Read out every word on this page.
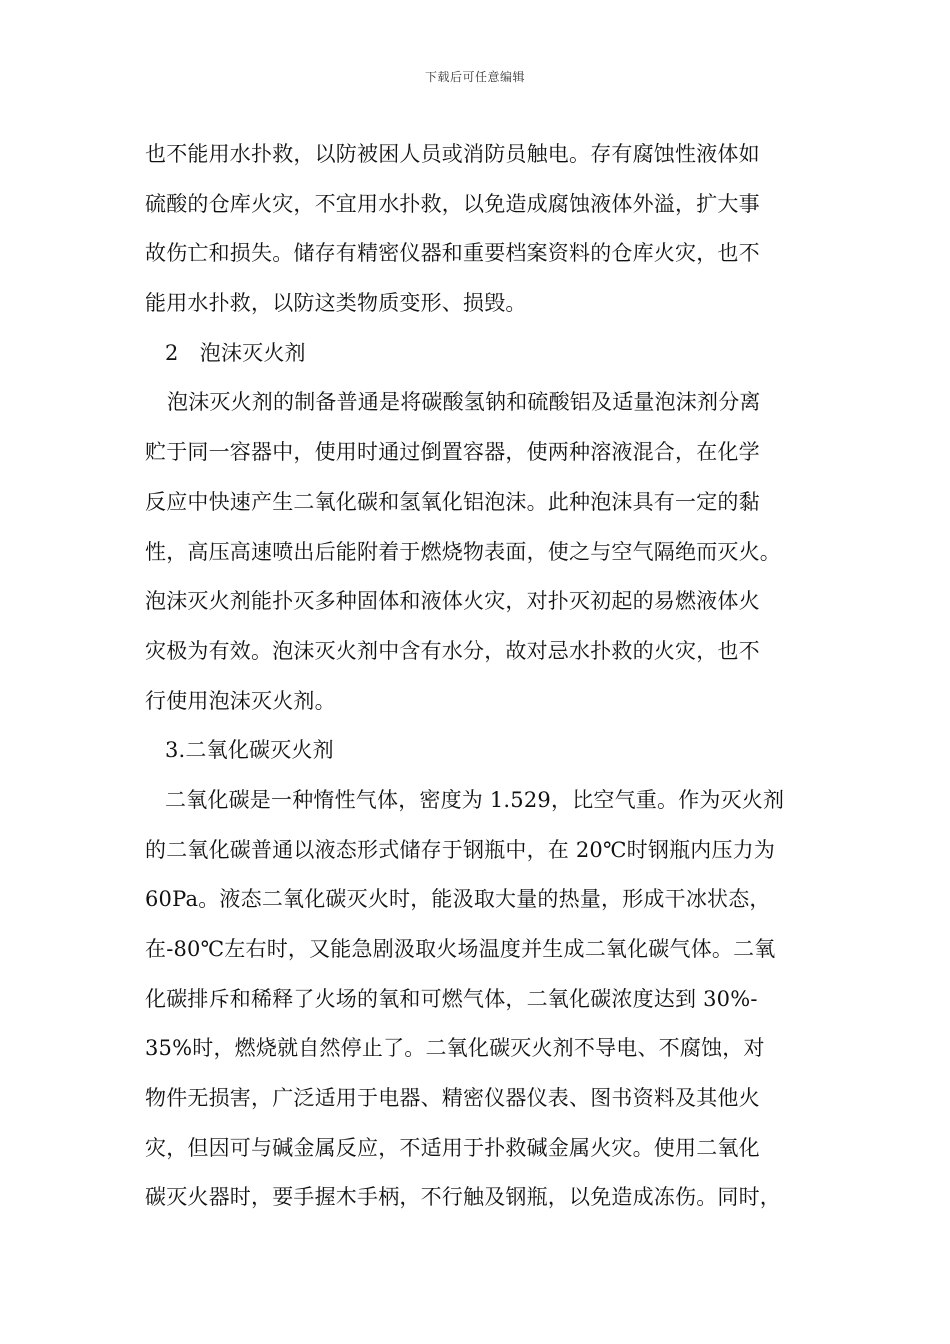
下载后可任意编辑
也不能用水扑救，以防被困人员或消防员触电。存有腐蚀性液体如
硫酸的仓库火灾，不宜用水扑救，以免造成腐蚀液体外溢，扩大事
故伤亡和损失。储存有精密仪器和重要档案资料的仓库火灾，也不
能用水扑救，以防这类物质变形、损毁。
2　泡沫灭火剂
泡沫灭火剂的制备普通是将碳酸氢钠和硫酸铝及适量泡沫剂分离
贮于同一容器中，使用时通过倒置容器，使两种溶液混合，在化学
反应中快速产生二氧化碳和氢氧化铝泡沫。此种泡沫具有一定的黏
性，高压高速喷出后能附着于燃烧物表面，使之与空气隔绝而灭火。
泡沫灭火剂能扑灭多种固体和液体火灾，对扑灭初起的易燃液体火
灾极为有效。泡沫灭火剂中含有水分，故对忌水扑救的火灾，也不
行使用泡沫灭火剂。
3.二氧化碳灭火剂
二氧化碳是一种惰性气体，密度为 1.529，比空气重。作为灭火剂
的二氧化碳普通以液态形式储存于钢瓶中，在 20℃时钢瓶内压力为
60Pa。液态二氧化碳灭火时，能汲取大量的热量，形成干冰状态，
在-80℃左右时，又能急剧汲取火场温度并生成二氧化碳气体。二氧
化碳排斥和稀释了火场的氧和可燃气体，二氧化碳浓度达到 30%-
35%时，燃烧就自然停止了。二氧化碳灭火剂不导电、不腐蚀，对
物件无损害，广泛适用于电器、精密仪器仪表、图书资料及其他火
灾，但因可与碱金属反应，不适用于扑救碱金属火灾。使用二氧化
碳灭火器时，要手握木手柄，不行触及钢瓶，以免造成冻伤。同时，
